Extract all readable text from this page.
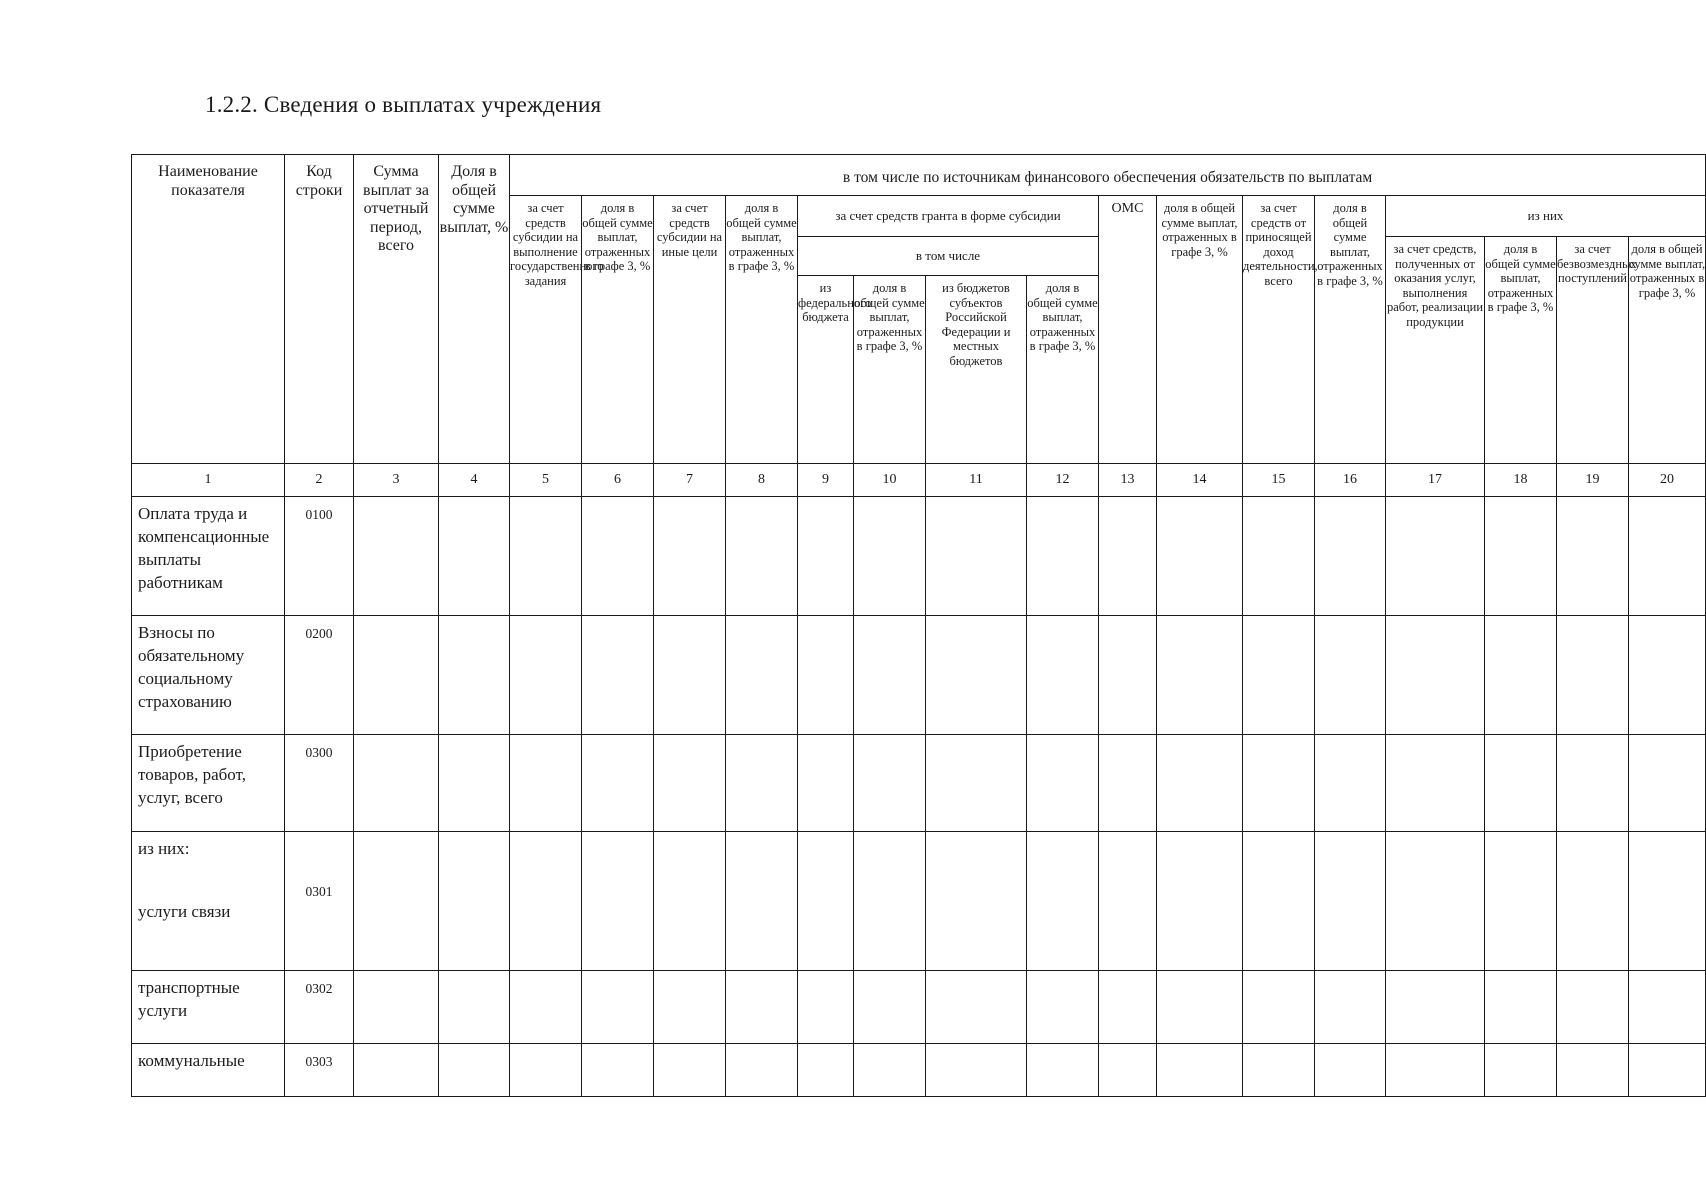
1.2.2. Сведения о выплатах учреждения
Наименование показателя	Код строки	Сумма выплат за отчетный период, всего	Доля в общей сумме выплат, %	в том числе по источникам финансового обеспечения обязательств по выплатам															
				за счет средств субсидии на выполнение государственного задания	доля в общей сумме выплат, отраженных в графе 3, %	за счет средств субсидии на иные цели	доля в общей сумме выплат, отраженных в графе 3, %	за счет средств гранта в форме субсидии				ОМС	доля в общей сумме выплат, отраженных в графе 3, %	за счет средств от приносящей доход деятельности, всего	доля в общей сумме выплат, отраженных в графе 3, %	из них			
								в том числе								за счет средств, полученных от оказания услуг, выполнения работ, реализации продукции	доля в общей сумме выплат, отраженных в графе 3, %	за счет безвозмездных поступлений	доля в общей сумме выплат, отраженных в графе 3, %
								из федерального бюджета	доля в общей сумме выплат, отраженных в графе 3, %	из бюджетов субъектов Российской Федерации и местных бюджетов	доля в общей сумме выплат, отраженных в графе 3, %								
1	2	3	4	5	6	7	8	9	10	11	12	13	14	15	16	17	18	19	20
Оплата труда и компенсационные выплаты работникам	0100																		
Взносы по обязательному социальному страхованию	0200																		
Приобретение товаров, работ, услуг, всего	0300																		
из них:
услуги связи	0301																		
транспортные услуги	0302																		
коммунальные	0303																		
